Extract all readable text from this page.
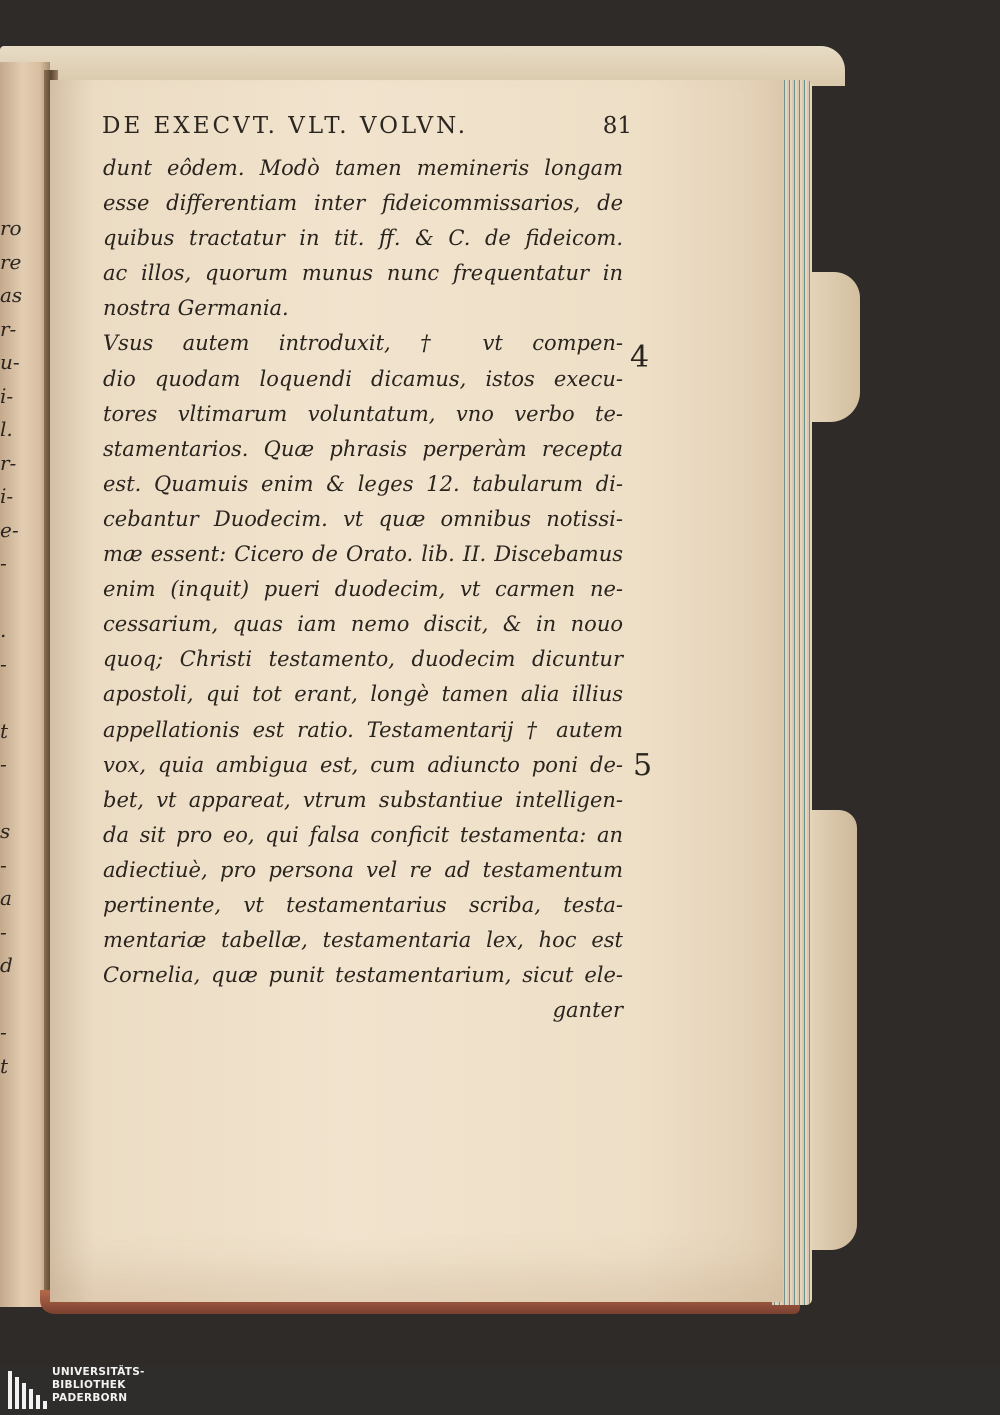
ro
re
as
r-
u-
i-
l.
r-
i-
e-
-
.
-
t
-
s
-
a
-
d
-
t
DE EXECVT. VLT. VOLVN.	81
dunt eôdem. Modò tamen memineris longam
esse differentiam inter fideicommissarios, de
quibus tractatur in tit. ff. & C. de fideicom.
ac illos, quorum munus nunc frequentatur in
nostra Germania.
Vsus autem introduxit, † vt compen-
dio quodam loquendi dicamus, istos execu-
tores vltimarum voluntatum, vno verbo te-
stamentarios. Quæ phrasis perperàm recepta
est. Quamuis enim & leges 12. tabularum di-
cebantur Duodecim. vt quæ omnibus notissi-
mæ essent: Cicero de Orato. lib. II. Discebamus
enim (inquit) pueri duodecim, vt carmen ne-
cessarium, quas iam nemo discit, & in nouo
quoq; Christi testamento, duodecim dicuntur
apostoli, qui tot erant, longè tamen alia illius
appellationis est ratio. Testamentarij † autem
vox, quia ambigua est, cum adiuncto poni de-
bet, vt appareat, vtrum substantiue intelligen-
da sit pro eo, qui falsa conficit testamenta: an
adiectiuè, pro persona vel re ad testamentum
pertinente, vt testamentarius scriba, testa-
mentariæ tabellæ, testamentaria lex, hoc est
Cornelia, quæ punit testamentarium, sicut ele-
ganter
4
5
UNIVERSITÄTS-
BIBLIOTHEK
PADERBORN
